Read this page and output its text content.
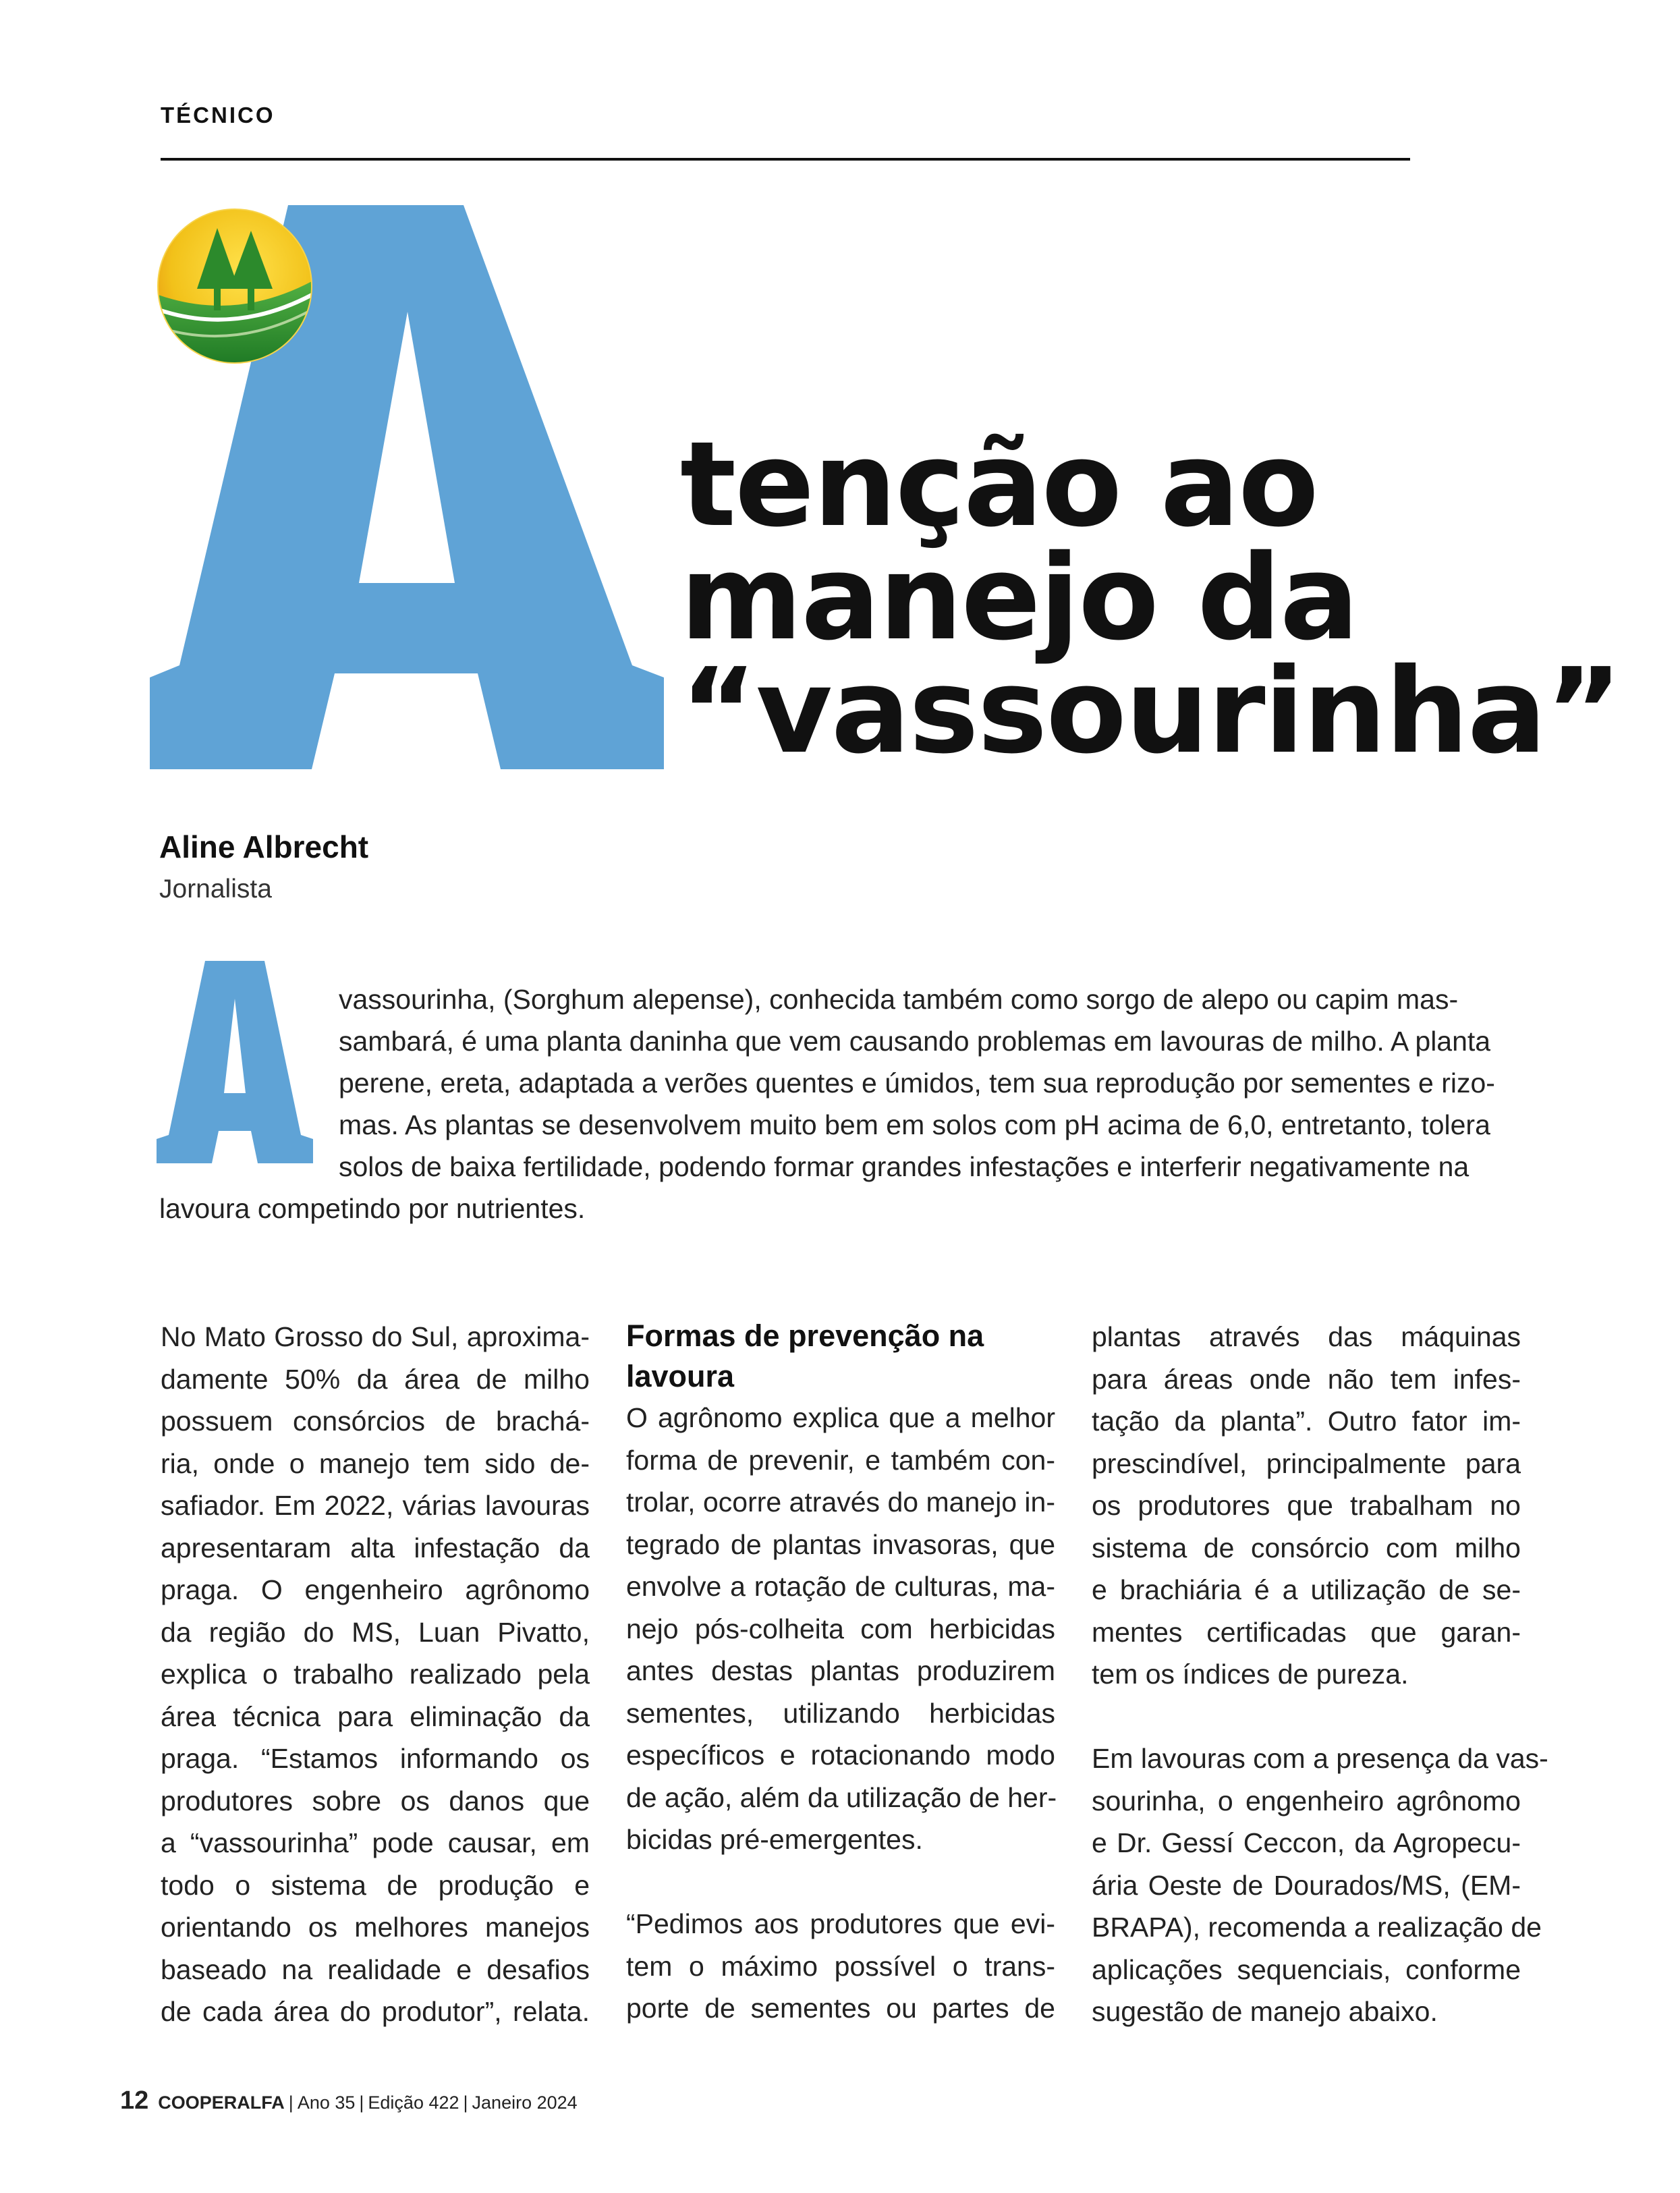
TÉCNICO
A
tenção ao
manejo da
“vassourinha”
Aline Albrecht
Jornalista
A
vassourinha, (Sorghum alepense), conhecida também como sorgo de alepo ou capim mas-
sambará, é uma planta daninha que vem causando problemas em lavouras de milho. A planta
perene, ereta, adaptada a verões quentes e úmidos, tem sua reprodução por sementes e rizo-
mas. As plantas se desenvolvem muito bem em solos com pH acima de 6,0, entretanto, tolera
solos de baixa fertilidade, podendo formar grandes infestações e interferir negativamente na
lavoura competindo por nutrientes.
No Mato Grosso do Sul, aproxima-
damente 50% da área de milho
possuem consórcios de brachá-
ria, onde o manejo tem sido de-
safiador. Em 2022, várias lavouras
apresentaram alta infestação da
praga. O engenheiro agrônomo
da região do MS, Luan Pivatto,
explica o trabalho realizado pela
área técnica para eliminação da
praga. “Estamos informando os
produtores sobre os danos que
a “vassourinha” pode causar, em
todo o sistema de produção e
orientando os melhores manejos
baseado na realidade e desafios
de cada área do produtor”, relata.
Formas de prevenção na
lavoura
O agrônomo explica que a melhor
forma de prevenir, e também con-
trolar, ocorre através do manejo in-
tegrado de plantas invasoras, que
envolve a rotação de culturas, ma-
nejo pós-colheita com herbicidas
antes destas plantas produzirem
sementes, utilizando herbicidas
específicos e rotacionando modo
de ação, além da utilização de her-
bicidas pré-emergentes.
“Pedimos aos produtores que evi-
tem o máximo possível o trans-
porte de sementes ou partes de
plantas através das máquinas
para áreas onde não tem infes-
tação da planta”. Outro fator im-
prescindível, principalmente para
os produtores que trabalham no
sistema de consórcio com milho
e brachiária é a utilização de se-
mentes certificadas que garan-
tem os índices de pureza.
Em lavouras com a presença da vas-
sourinha, o engenheiro agrônomo
e Dr. Gessí Ceccon, da Agropecu-
ária Oeste de Dourados/MS, (EM-
BRAPA), recomenda a realização de
aplicações sequenciais, conforme
sugestão de manejo abaixo.
12 COOPERALFA | Ano 35 | Edição 422 | Janeiro 2024
